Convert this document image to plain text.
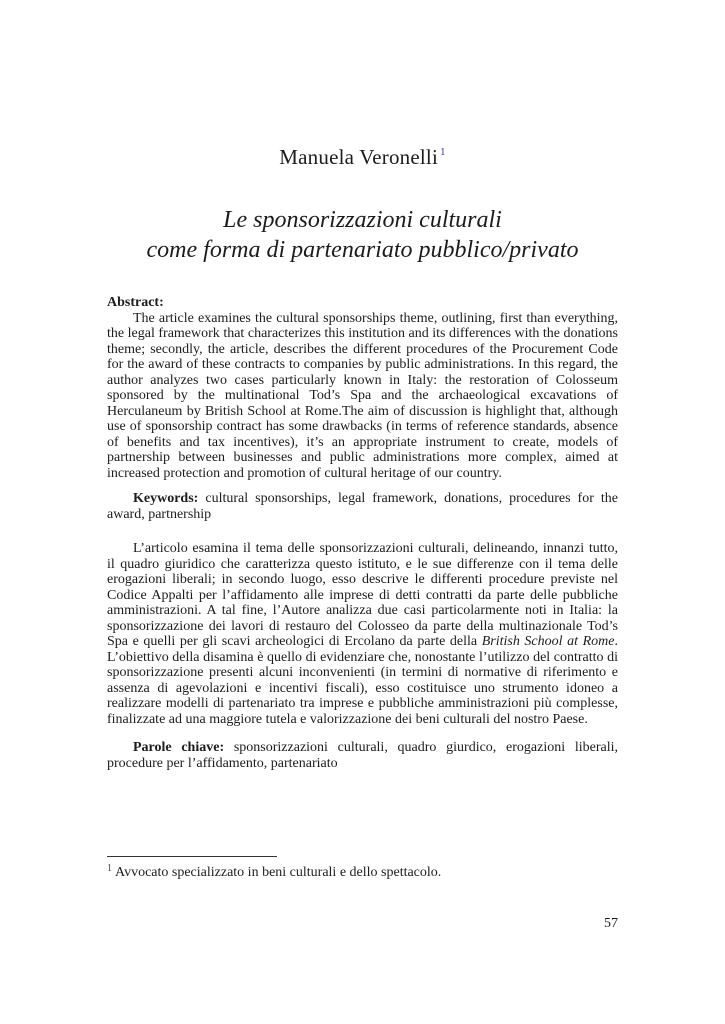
Manuela Veronelli $^1$
Le sponsorizzazioni culturali
come forma di partenariato pubblico/privato
Abstract:

The article examines the cultural sponsorships theme, outlining, first than everything, the legal framework that characterizes this institution and its differences with the donations theme; secondly, the article, describes the different procedures of the Procurement Code for the award of these contracts to companies by public administrations. In this regard, the author analyzes two cases particularly known in Italy: the restoration of Colosseum sponsored by the multinational Tod’s Spa and the archaeological excavations of Herculaneum by British School at Rome.The aim of discussion is highlight that, although use of sponsorship contract has some drawbacks (in terms of reference standards, absence of benefits and tax incentives), it’s an appropriate instrument to create, models of partnership between businesses and public administrations more complex, aimed at increased protection and promotion of cultural heritage of our country.

Keywords: cultural sponsorships, legal framework, donations, procedures for the award, partnership

L’articolo esamina il tema delle sponsorizzazioni culturali, delineando, innanzi tutto, il quadro giuridico che caratterizza questo istituto, e le sue differenze con il tema delle erogazioni liberali; in secondo luogo, esso descrive le differenti procedure previste nel Codice Appalti per l’affidamento alle imprese di detti contratti da parte delle pubbliche amministrazioni. A tal fine, l’Autore analizza due casi particolarmente noti in Italia: la sponsorizzazione dei lavori di restauro del Colosseo da parte della multinazionale Tod’s Spa e quelli per gli scavi archeologici di Ercolano da parte della British School at Rome. L’obiettivo della disamina è quello di evidenziare che, nonostante l’utilizzo del contratto di sponsorizzazione presenti alcuni inconvenienti (in termini di normative di riferimento e assenza di agevolazioni e incentivi fiscali), esso costituisce uno strumento idoneo a realizzare modelli di partenariato tra imprese e pubbliche amministrazioni più complesse, finalizzate ad una maggiore tutela e valorizzazione dei beni culturali del nostro Paese.

Parole chiave: sponsorizzazioni culturali, quadro giurdico, erogazioni liberali, procedure per l’affidamento, partenariato

$^1$ Avvocato specializzato in beni culturali e dello spettacolo.
57
